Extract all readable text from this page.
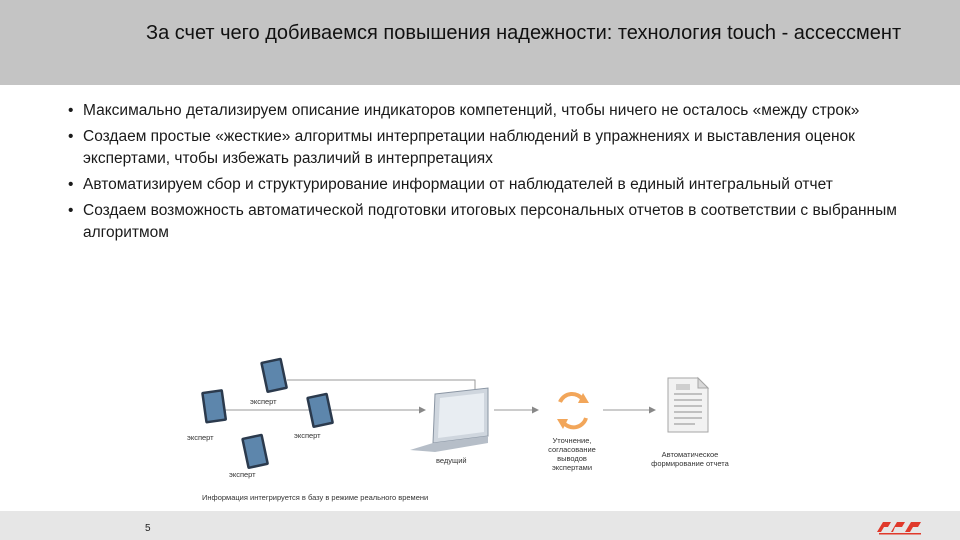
За счет чего добиваемся повышения надежности: технология touch - ассессмент
• Максимально детализируем описание индикаторов компетенций, чтобы ничего не осталось «между строк»
• Создаем простые «жесткие» алгоритмы интерпретации наблюдений в упражнениях и выставления оценок экспертами, чтобы избежать различий в интерпретациях
• Автоматизируем сбор и структурирование информации от наблюдателей в единый интегральный отчет
• Создаем возможность автоматической подготовки итоговых персональных отчетов в соответствии с выбранным алгоритмом
эксперт
эксперт	эксперт
эксперт
ведущий
Информация интегрируется в базу в режиме реального времени
Уточнение, согласование выводов экспертами
Автоматическое формирование отчета
5
